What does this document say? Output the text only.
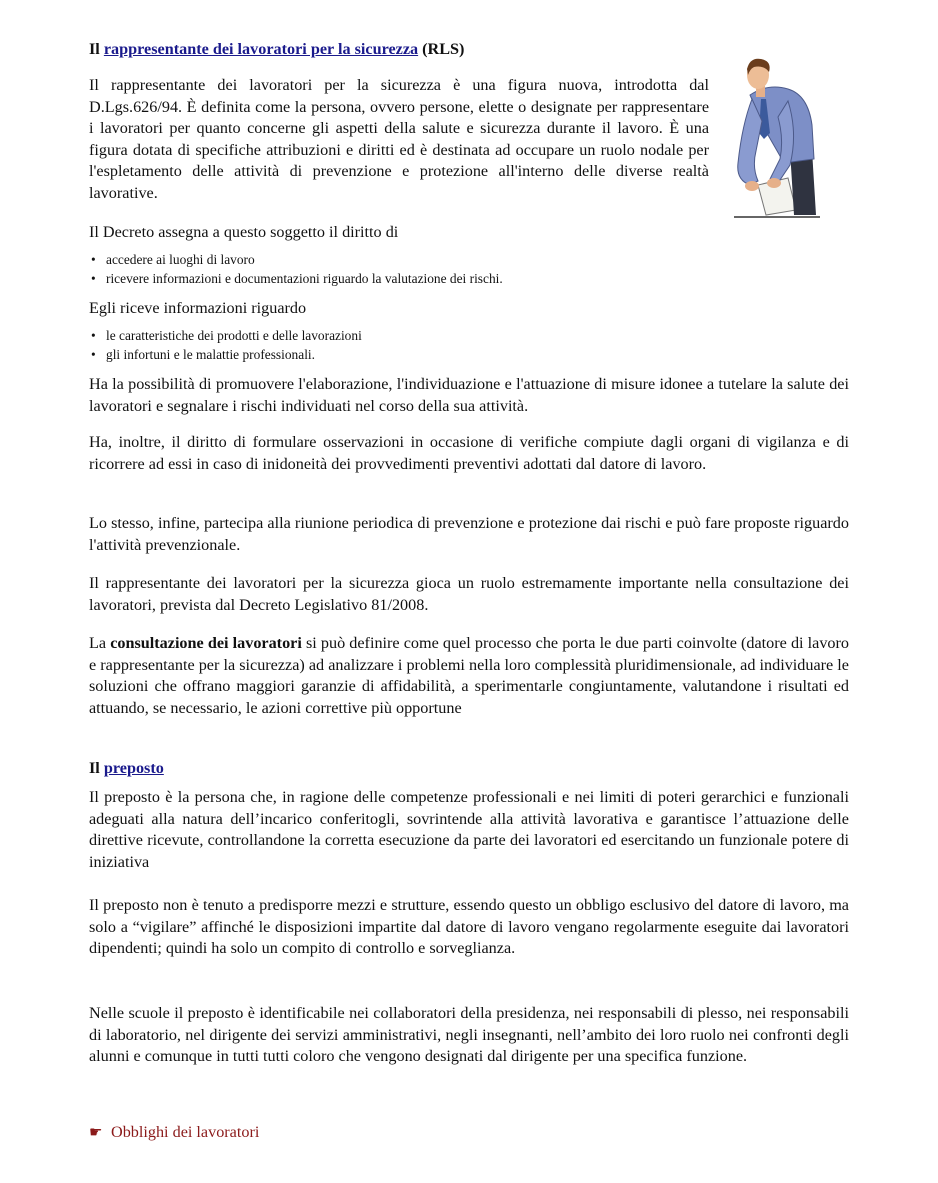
Il rappresentante dei lavoratori per la sicurezza (RLS)

Il rappresentante dei lavoratori per la sicurezza è una figura nuova, introdotta dal D.Lgs.626/94. È definita come la persona, ovvero persone, elette o designate per rappresentare i lavoratori per quanto concerne gli aspetti della salute e sicurezza durante il lavoro. È una figura dotata di specifiche attribuzioni e diritti ed è destinata ad occupare un ruolo nodale per l'espletamento delle attività di prevenzione e protezione all'interno delle diverse realtà lavorative.

Il Decreto assegna a questo soggetto il diritto di

• accedere ai luoghi di lavoro
• ricevere informazioni e documentazioni riguardo la valutazione dei rischi.

Egli riceve informazioni riguardo

• le caratteristiche dei prodotti e delle lavorazioni
• gli infortuni e le malattie professionali.

Ha la possibilità di promuovere l'elaborazione, l'individuazione e l'attuazione di misure idonee a tutelare la salute dei lavoratori e segnalare i rischi individuati nel corso della sua attività.

Ha, inoltre, il diritto di formulare osservazioni in occasione di verifiche compiute dagli organi di vigilanza e di ricorrere ad essi in caso di inidoneità dei provvedimenti preventivi adottati dal datore di lavoro.

Lo stesso, infine, partecipa alla riunione periodica di prevenzione e protezione dai rischi e può fare proposte riguardo l'attività prevenzionale.

Il rappresentante dei lavoratori per la sicurezza gioca un ruolo estremamente importante nella consultazione dei lavoratori, prevista dal Decreto Legislativo 81/2008.

La consultazione dei lavoratori si può definire come quel processo che porta le due parti coinvolte (datore di lavoro e rappresentante per la sicurezza) ad analizzare i problemi nella loro complessità pluridimensionale, ad individuare le soluzioni che offrano maggiori garanzie di affidabilità, a sperimentarle congiuntamente, valutandone i risultati ed attuando, se necessario, le azioni correttive più opportune

Il preposto

Il preposto è la persona che, in ragione delle competenze professionali e nei limiti di poteri gerarchici e funzionali adeguati alla natura dell’incarico conferitogli, sovrintende alla attività lavorativa e garantisce l’attuazione delle direttive ricevute, controllandone la corretta esecuzione da parte dei lavoratori ed esercitando un funzionale potere di iniziativa

Il preposto non è tenuto a predisporre mezzi e strutture, essendo questo un obbligo esclusivo del datore di lavoro, ma solo a “vigilare” affinché le disposizioni impartite dal datore di lavoro vengano regolarmente eseguite dai lavoratori dipendenti; quindi ha solo un compito di controllo e sorveglianza.

Nelle scuole il preposto è identificabile nei collaboratori della presidenza, nei responsabili di plesso, nei responsabili di laboratorio, nel dirigente dei servizi amministrativi, negli insegnanti, nell’ambito dei loro ruolo nei confronti degli alunni e comunque in tutti tutti coloro che vengono designati dal dirigente per una specifica funzione.

☛ Obblighi dei lavoratori
